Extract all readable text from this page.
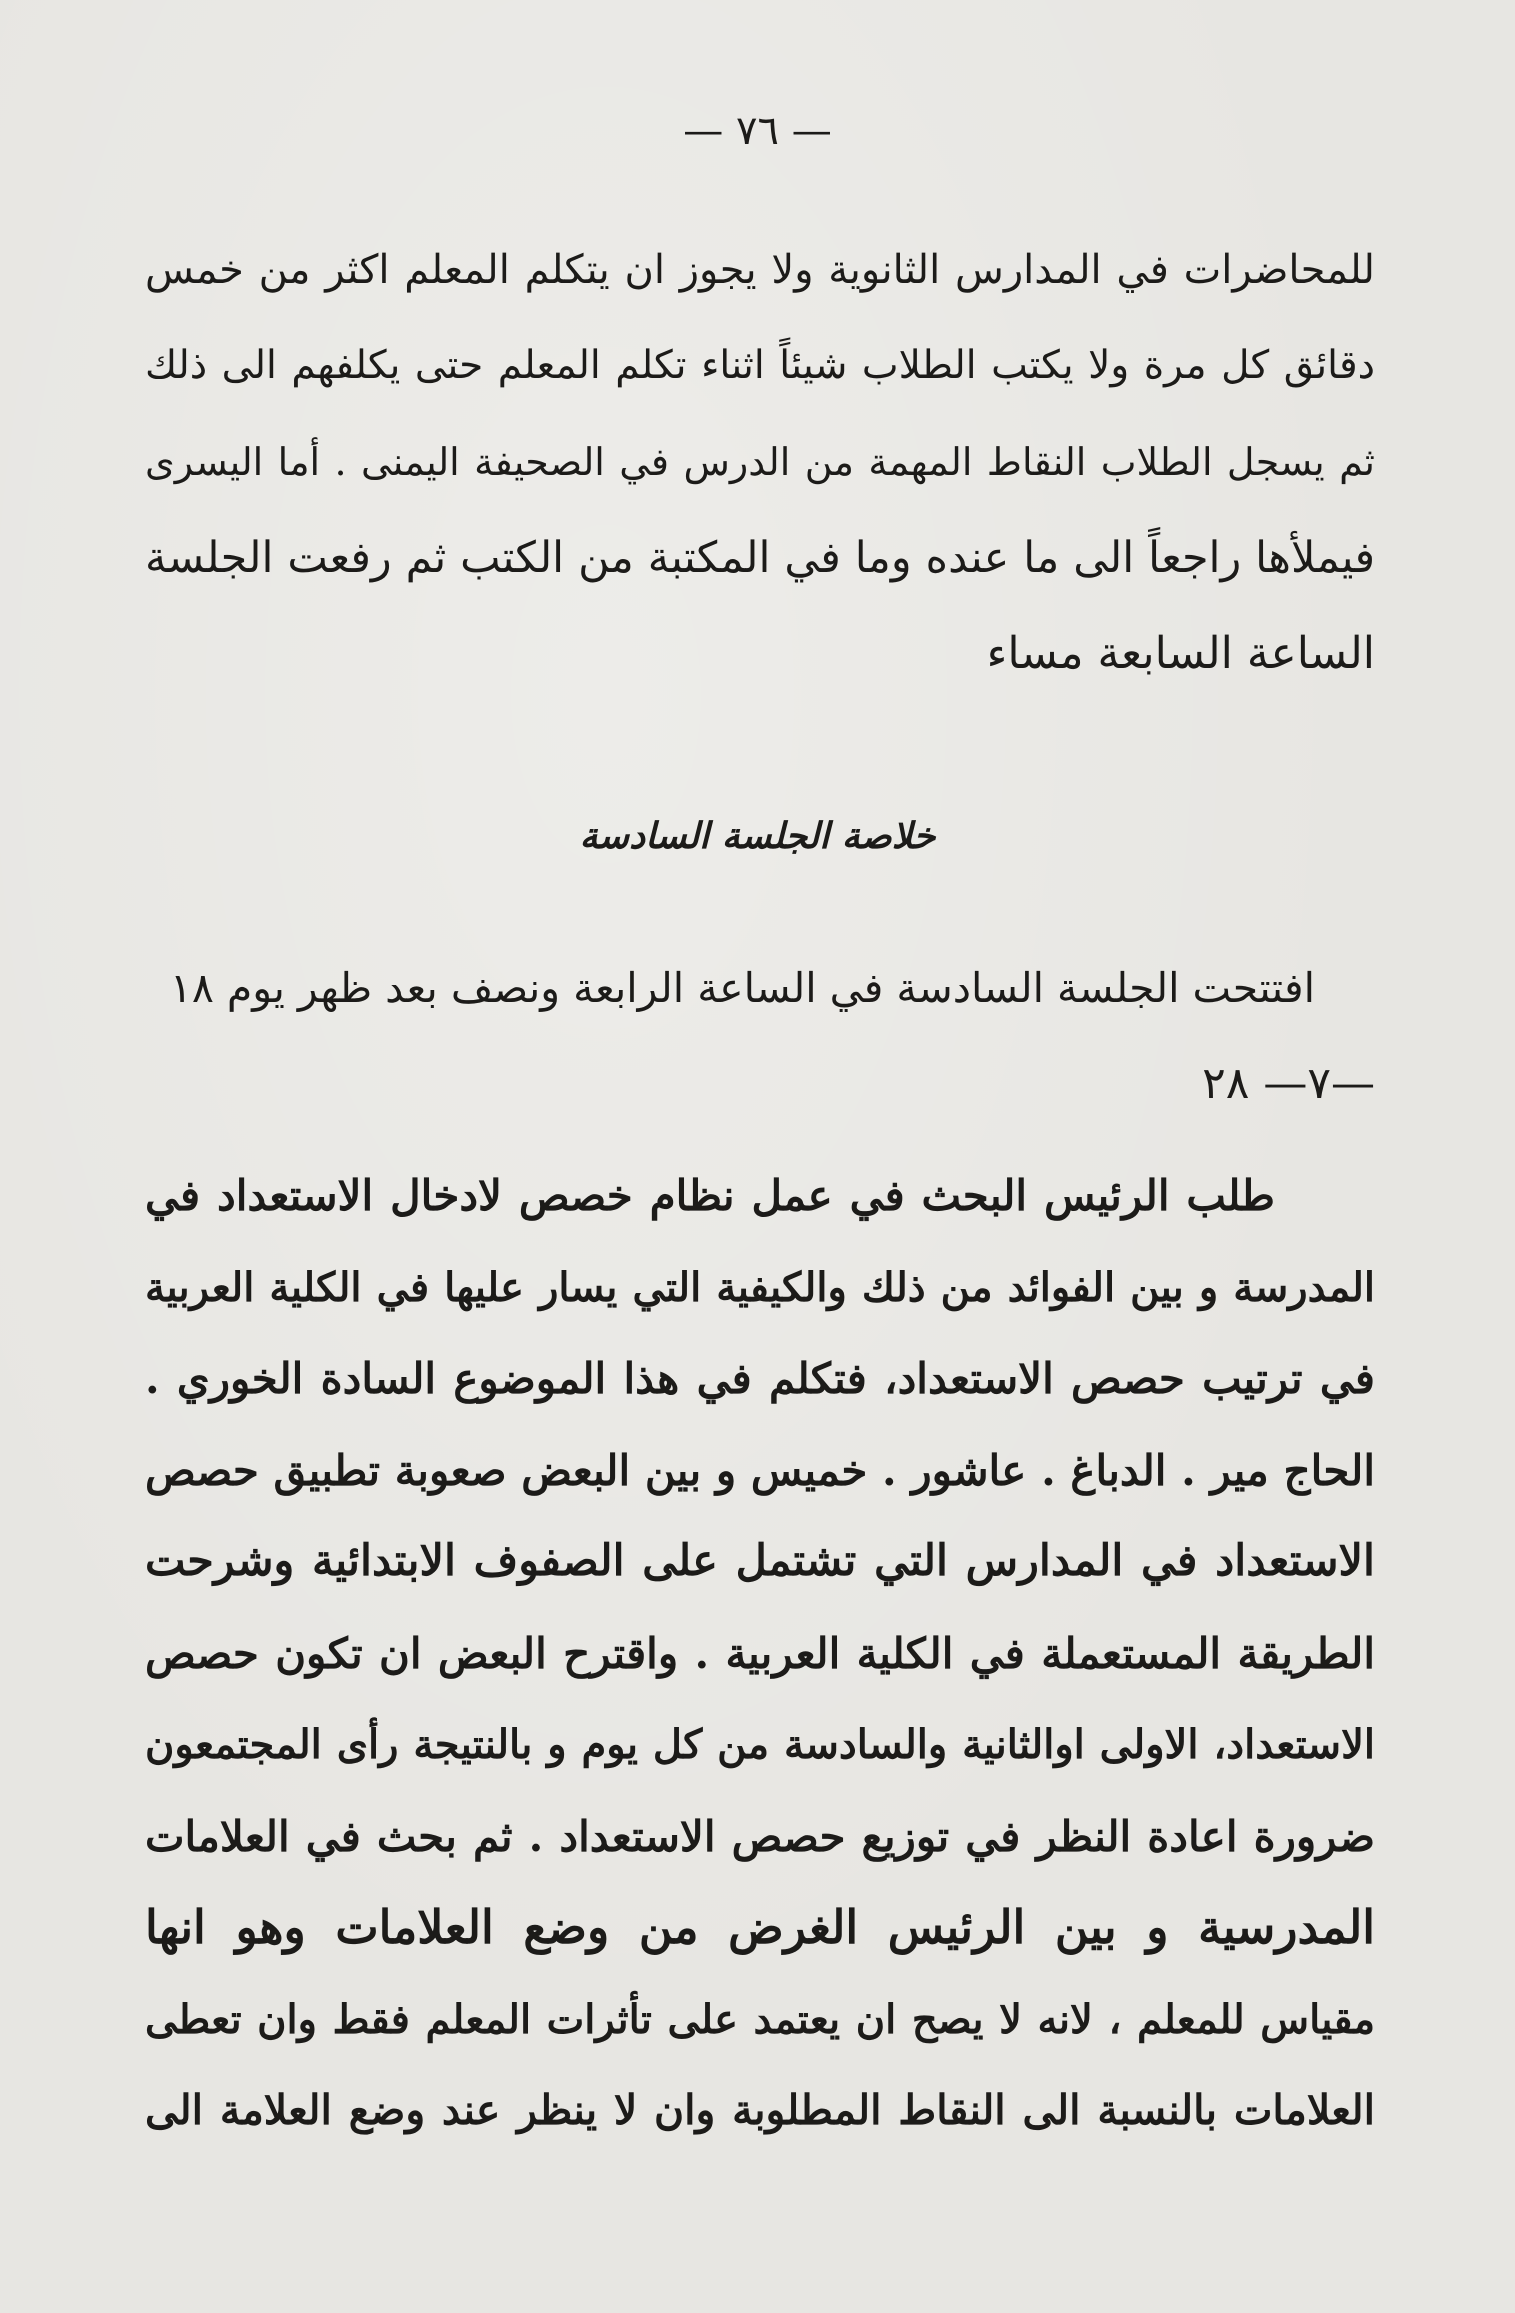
— ٧٦ —
للمحاضرات في المدارس الثانوية ولا يجوز ان يتكلم المعلم اكثر من خمس
دقائق كل مرة ولا يكتب الطلاب شيئاً اثناء تكلم المعلم حتى يكلفهم الى ذلك
ثم يسجل الطلاب النقاط المهمة من الدرس في الصحيفة اليمنى . أما اليسرى
فيملأها راجعاً الى ما عنده وما في المكتبة من الكتب ثم رفعت الجلسة
الساعة السابعة مساء
خلاصة الجلسة السادسة
افتتحت الجلسة السادسة في الساعة الرابعة ونصف بعد ظهر يوم ١٨
—٧— ٢٨
طلب الرئيس البحث في عمل نظام خصص لادخال الاستعداد في
المدرسة و بين الفوائد من ذلك والكيفية التي يسار عليها في الكلية العربية
في ترتيب حصص الاستعداد، فتكلم في هذا الموضوع السادة الخوري .
الحاج مير . الدباغ . عاشور . خميس و بين البعض صعوبة تطبيق حصص
الاستعداد في المدارس التي تشتمل على الصفوف الابتدائية وشرحت
الطريقة المستعملة في الكلية العربية . واقترح البعض ان تكون حصص
الاستعداد، الاولى اوالثانية والسادسة من كل يوم و بالنتيجة رأى المجتمعون
ضرورة اعادة النظر في توزيع حصص الاستعداد . ثم بحث في العلامات
المدرسية و بين الرئيس الغرض من وضع العلامات وهو انها
مقياس للمعلم ، لانه لا يصح ان يعتمد على تأثرات المعلم فقط وان تعطى
العلامات بالنسبة الى النقاط المطلوبة وان لا ينظر عند وضع العلامة الى
